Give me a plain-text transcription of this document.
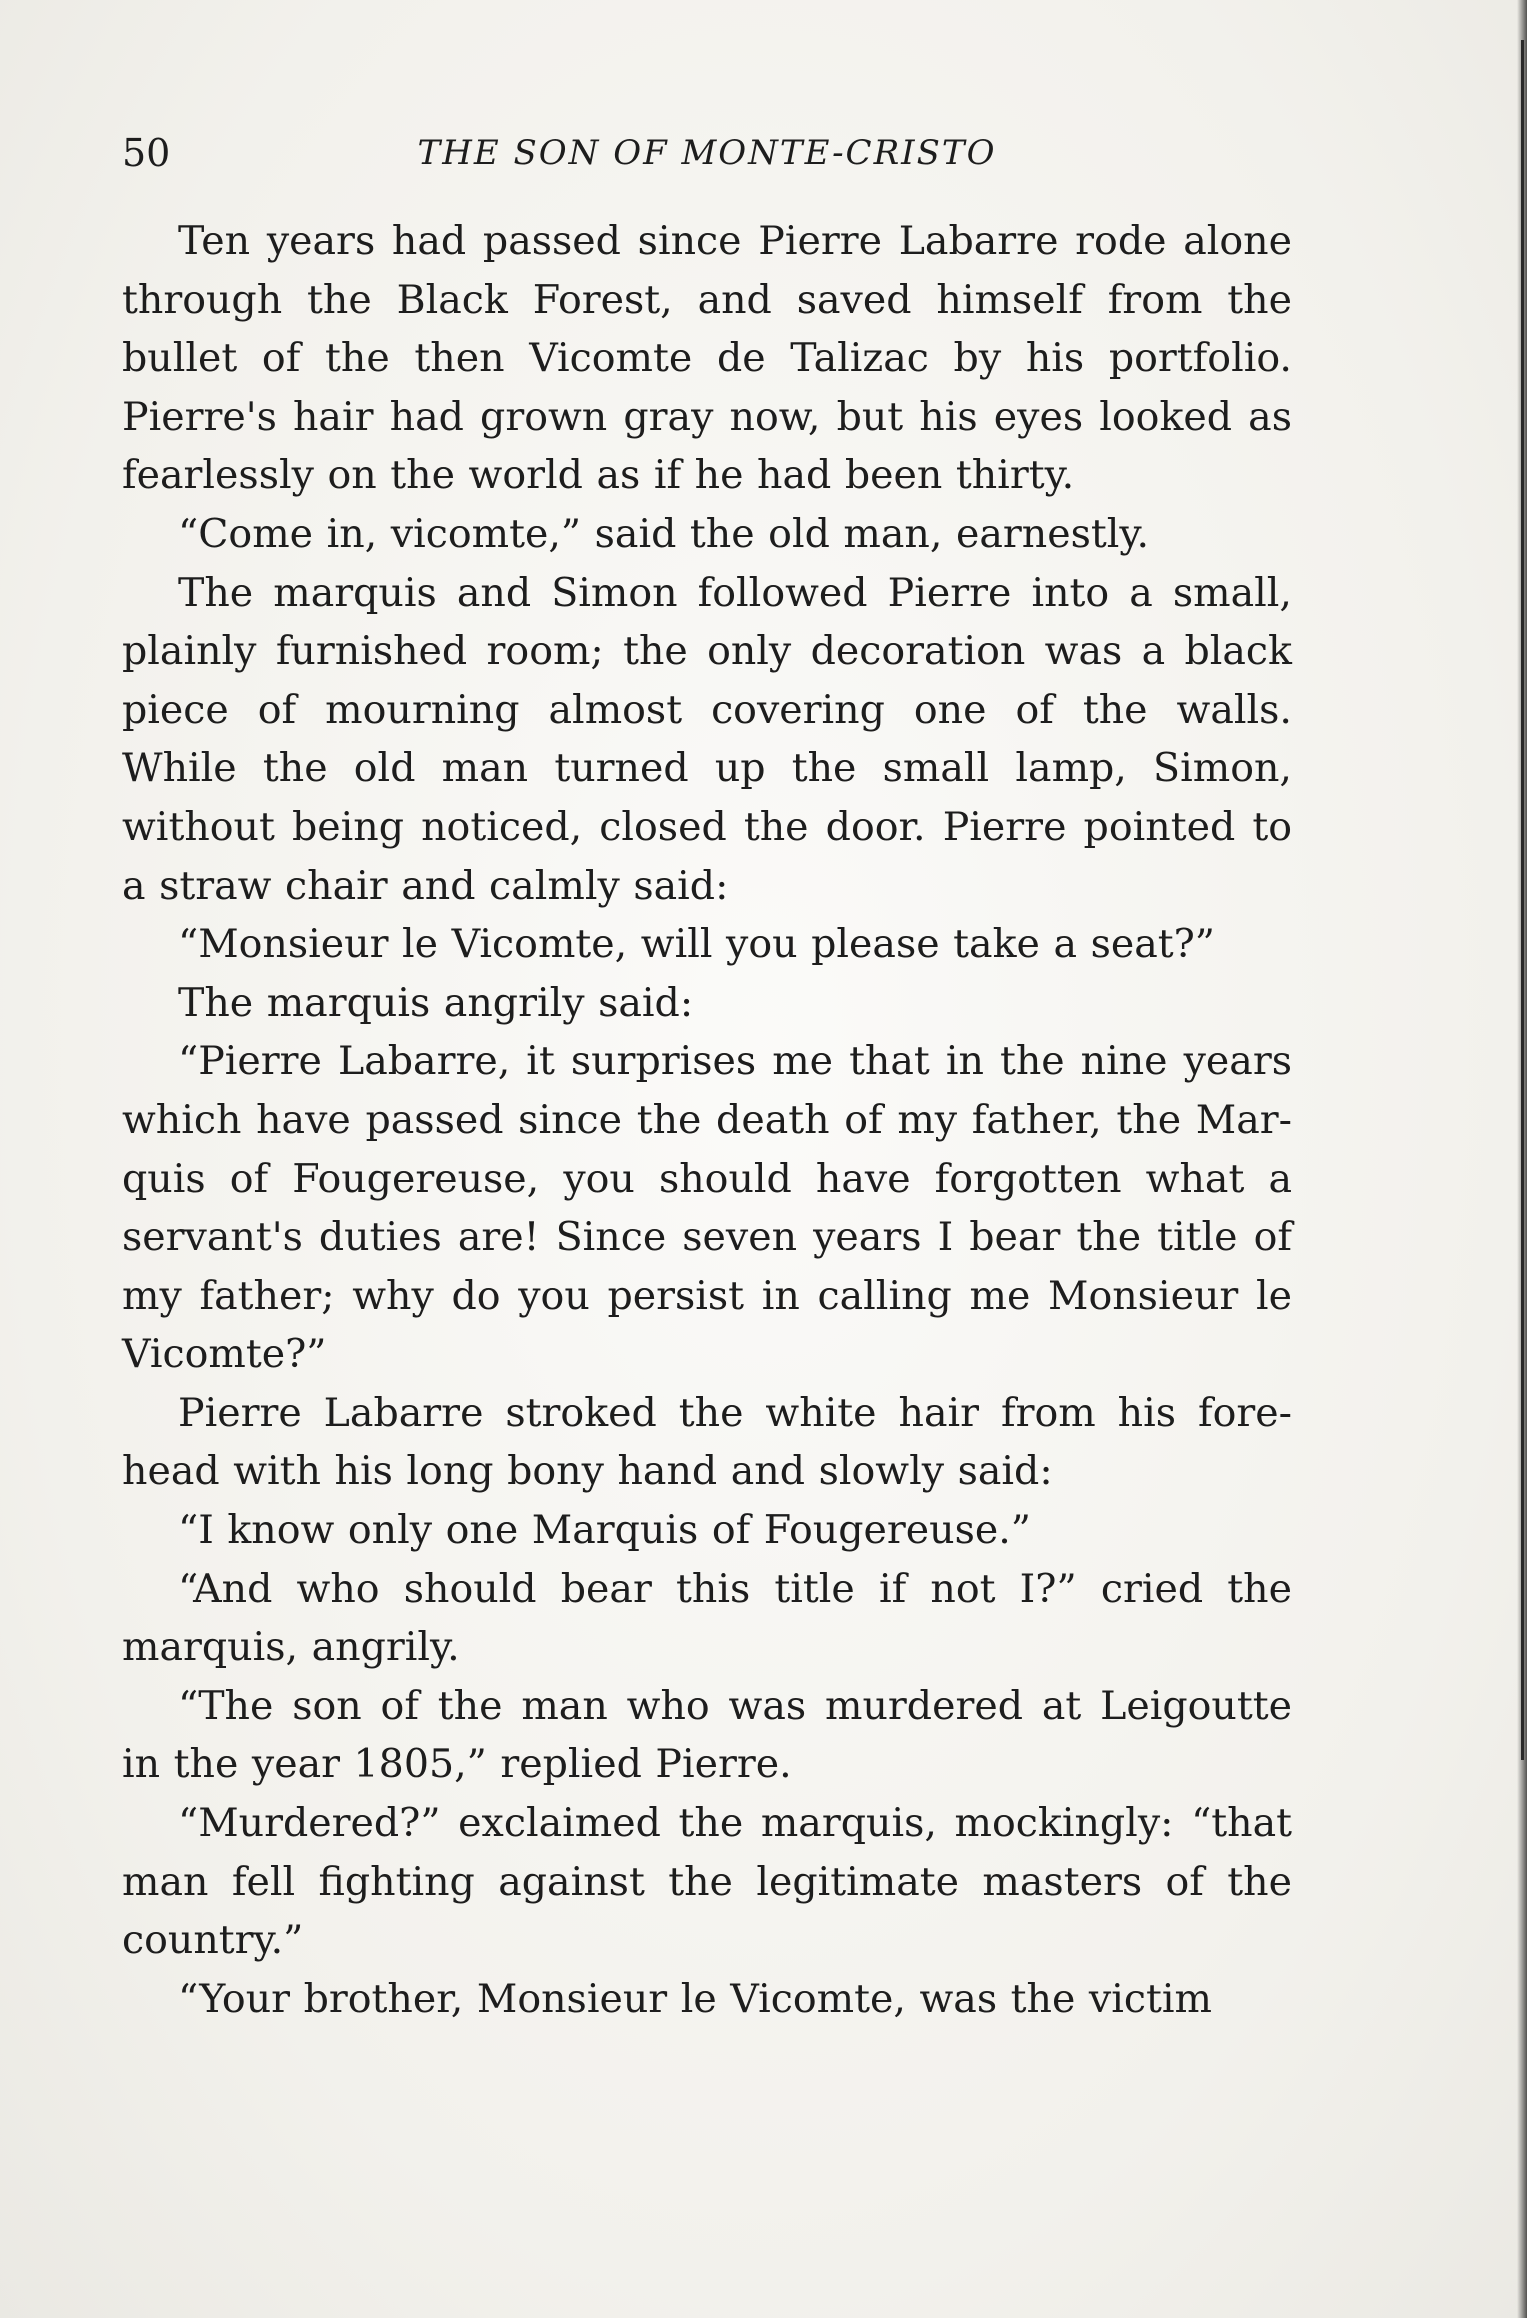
50	THE SON OF MONTE-CRISTO

Ten years had passed since Pierre Labarre rode alone through the Black Forest, and saved himself from the bullet of the then Vicomte de Talizac by his portfolio. Pierre's hair had grown gray now, but his eyes looked as fearlessly on the world as if he had been thirty.

“Come in, vicomte,” said the old man, earnestly.

The marquis and Simon followed Pierre into a small, plainly furnished room; the only decoration was a black piece of mourning almost covering one of the walls. While the old man turned up the small lamp, Simon, without being noticed, closed the door. Pierre pointed to a straw chair and calmly said:

“Monsieur le Vicomte, will you please take a seat?”

The marquis angrily said:

“Pierre Labarre, it surprises me that in the nine years which have passed since the death of my father, the Marquis of Fougereuse, you should have forgotten what a servant's duties are! Since seven years I bear the title of my father; why do you persist in calling me Monsieur le Vicomte?”

Pierre Labarre stroked the white hair from his forehead with his long bony hand and slowly said:

“I know only one Marquis of Fougereuse.”

“And who should bear this title if not I?” cried the marquis, angrily.

“The son of the man who was murdered at Leigoutte in the year 1805,” replied Pierre.

“Murdered?” exclaimed the marquis, mockingly: “that man fell fighting against the legitimate masters of the country.”

“Your brother, Monsieur le Vicomte, was the victim
